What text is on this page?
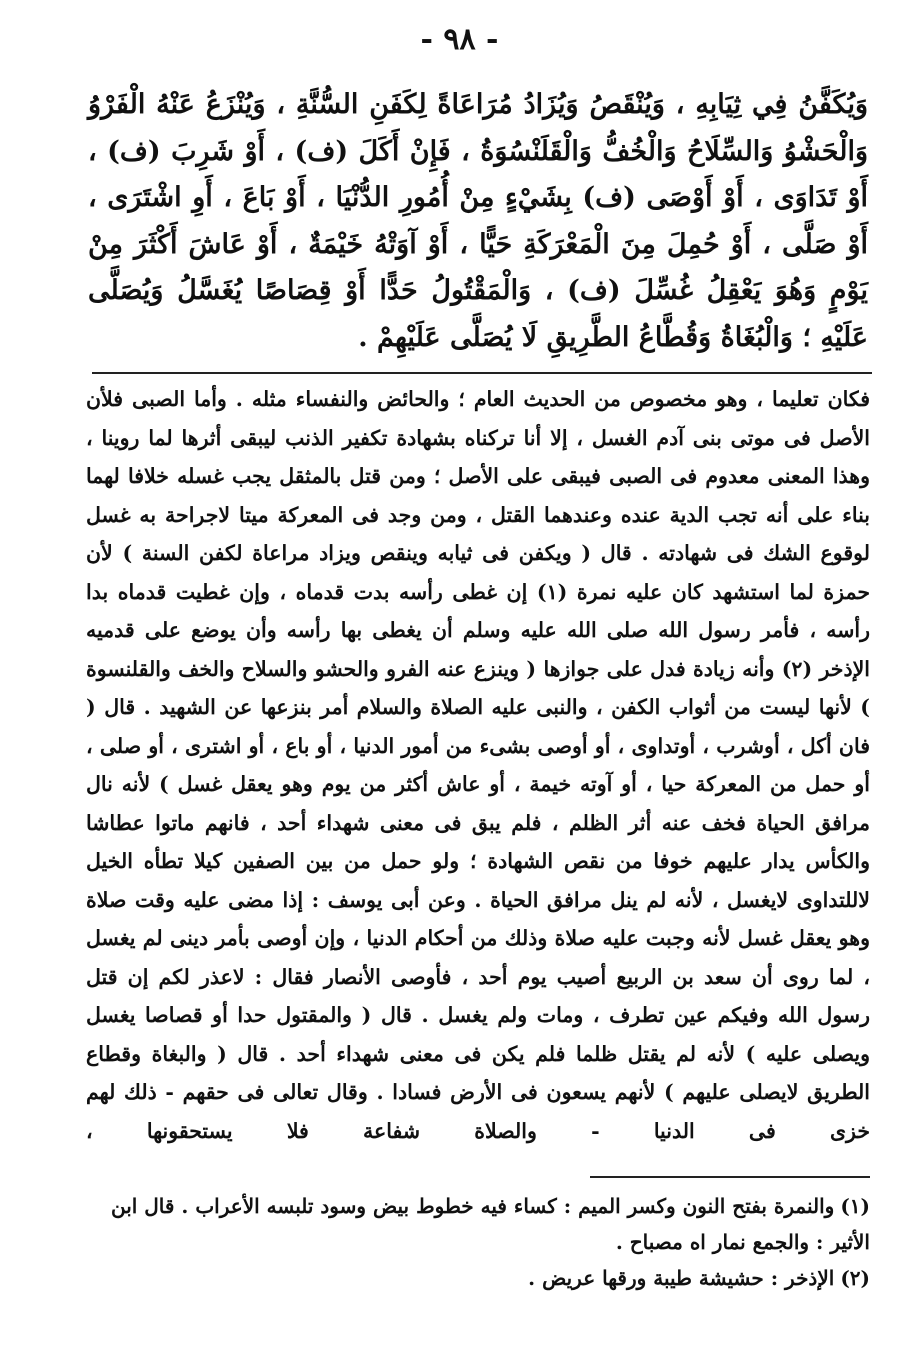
- ٩٨ -

وَيُكَفَّنُ فِي ثِيَابِهِ ، وَيُنْقَصُ وَيُزَادُ مُرَاعَاةً لِكَفَنِ السُّنَّةِ ، وَيُنْزَعُ عَنْهُ الْفَرْوُ وَالْحَشْوُ وَالسِّلَاحُ وَالْخُفُّ وَالْقَلَنْسُوَةُ ، فَإِنْ أَكَلَ (ف) ، أَوْ شَرِبَ (ف) ، أَوْ تَدَاوَى ، أَوْ أَوْصَى (ف) بِشَيْءٍ مِنْ أُمُورِ الدُّنْيَا ، أَوْ بَاعَ ، أَوِ اشْتَرَى ، أَوْ صَلَّى ، أَوْ حُمِلَ مِنَ الْمَعْرَكَةِ حَيًّا ، أَوْ آوَتْهُ خَيْمَةٌ ، أَوْ عَاشَ أَكْثَرَ مِنْ يَوْمٍ وَهُوَ يَعْقِلُ غُسِّلَ (ف) ، وَالْمَقْتُولُ حَدًّا أَوْ قِصَاصًا يُغَسَّلُ وَيُصَلَّى عَلَيْهِ ؛ وَالْبُغَاةُ وَقُطَّاعُ الطَّرِيقِ لَا يُصَلَّى عَلَيْهِمْ .

فكان تعليما ، وهو مخصوص من الحديث العام ؛ والحائض والنفساء مثله . وأما الصبى فلأن الأصل فى موتى بنى آدم الغسل ، إلا أنا تركناه بشهادة تكفير الذنب ليبقى أثرها لما روينا ، وهذا المعنى معدوم فى الصبى فيبقى على الأصل ؛ ومن قتل بالمثقل يجب غسله خلافا لهما بناء على أنه تجب الدية عنده وعندهما القتل ، ومن وجد فى المعركة ميتا لاجراحة به غسل لوقوع الشك فى شهادته . قال ( ويكفن فى ثيابه وينقص ويزاد مراعاة لكفن السنة ) لأن حمزة لما استشهد كان عليه نمرة (١) إن غطى رأسه بدت قدماه ، وإن غطيت قدماه بدا رأسه ، فأمر رسول الله صلى الله عليه وسلم أن يغطى بها رأسه وأن يوضع على قدميه الإذخر (٢) وأنه زيادة فدل على جوازها ( وينزع عنه الفرو والحشو والسلاح والخف والقلنسوة ) لأنها ليست من أثواب الكفن ، والنبى عليه الصلاة والسلام أمر بنزعها عن الشهيد . قال ( فان أكل ، أوشرب ، أوتداوى ، أو أوصى بشىء من أمور الدنيا ، أو باع ، أو اشترى ، أو صلى ، أو حمل من المعركة حيا ، أو آوته خيمة ، أو عاش أكثر من يوم وهو يعقل غسل ) لأنه نال مرافق الحياة فخف عنه أثر الظلم ، فلم يبق فى معنى شهداء أحد ، فانهم ماتوا عطاشا والكأس يدار عليهم خوفا من نقص الشهادة ؛ ولو حمل من بين الصفين كيلا تطأه الخيل لاللتداوى لايغسل ، لأنه لم ينل مرافق الحياة . وعن أبى يوسف : إذا مضى عليه وقت صلاة وهو يعقل غسل لأنه وجبت عليه صلاة وذلك من أحكام الدنيا ، وإن أوصى بأمر دينى لم يغسل ، لما روى أن سعد بن الربيع أصيب يوم أحد ، فأوصى الأنصار فقال : لاعذر لكم إن قتل رسول الله وفيكم عين تطرف ، ومات ولم يغسل . قال ( والمقتول حدا أو قصاصا يغسل ويصلى عليه ) لأنه لم يقتل ظلما فلم يكن فى معنى شهداء أحد . قال ( والبغاة وقطاع الطريق لايصلى عليهم ) لأنهم يسعون فى الأرض فسادا . وقال تعالى فى حقهم - ذلك لهم خزى فى الدنيا - والصلاة شفاعة فلا يستحقونها ،

(١)والنمرة بفتح النون وكسر الميم : كساء فيه خطوط بيض وسود تلبسه الأعراب . قال ابن الأثير : والجمع نمار اه مصباح .

(٢)الإذخر : حشيشة طيبة ورقها عريض .
